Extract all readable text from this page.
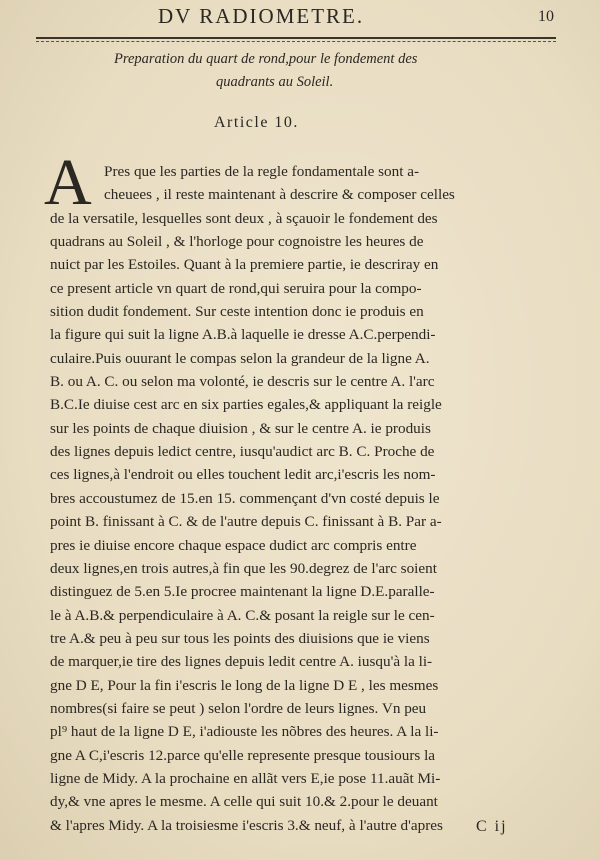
DV RADIOMETRE.	10
Preparation du quart de rond,pour le fondement des
quadrants au Soleil.
Article 10.
A Pres que les parties de la regle fondamentale sont a-
cheuees , il reste maintenant à descrire & composer celles
de la versatile, lesquelles sont deux , à sçauoir le fondement des
quadrans au Soleil , & l'horloge pour cognoistre les heures de
nuict par les Estoiles. Quant à la premiere partie, ie descriray en
ce present article vn quart de rond,qui seruira pour la compo-
sition dudit fondement. Sur ceste intention donc ie produis en
la figure qui suit la ligne A.B.à laquelle ie dresse A.C.perpendi-
culaire.Puis ouurant le compas selon la grandeur de la ligne A.
B. ou A. C. ou selon ma volonté, ie descris sur le centre A. l'arc
B.C.Ie diuise cest arc en six parties egales,& appliquant la reigle
sur les points de chaque diuision , & sur le centre A. ie produis
des lignes depuis ledict centre, iusqu'audict arc B. C. Proche de
ces lignes,à l'endroit ou elles touchent ledit arc,i'escris les nom-
bres accoustumez de 15.en 15. commençant d'vn costé depuis le
point B. finissant à C. & de l'autre depuis C. finissant à B. Par a-
pres ie diuise encore chaque espace dudict arc compris entre
deux lignes,en trois autres,à fin que les 90.degrez de l'arc soient
distinguez de 5.en 5.Ie procree maintenant la ligne D.E.paralle-
le à A.B.& perpendiculaire à A. C.& posant la reigle sur le cen-
tre A.& peu à peu sur tous les points des diuisions que ie viens
de marquer,ie tire des lignes depuis ledit centre A. iusqu'à la li-
gne D E, Pour la fin i'escris le long de la ligne D E , les mesmes
nombres(si faire se peut ) selon l'ordre de leurs lignes. Vn peu
pl⁹ haut de la ligne D E, i'adiouste les nõbres des heures. A la li-
gne A C,i'escris 12.parce qu'elle represente presque tousiours la
ligne de Midy. A la prochaine en allãt vers E,ie pose 11.auãt Mi-
dy,& vne apres le mesme. A celle qui suit 10.& 2.pour le deuant
& l'apres Midy. A la troisiesme i'escris 3.& neuf, à l'autre d'apres	C ij
